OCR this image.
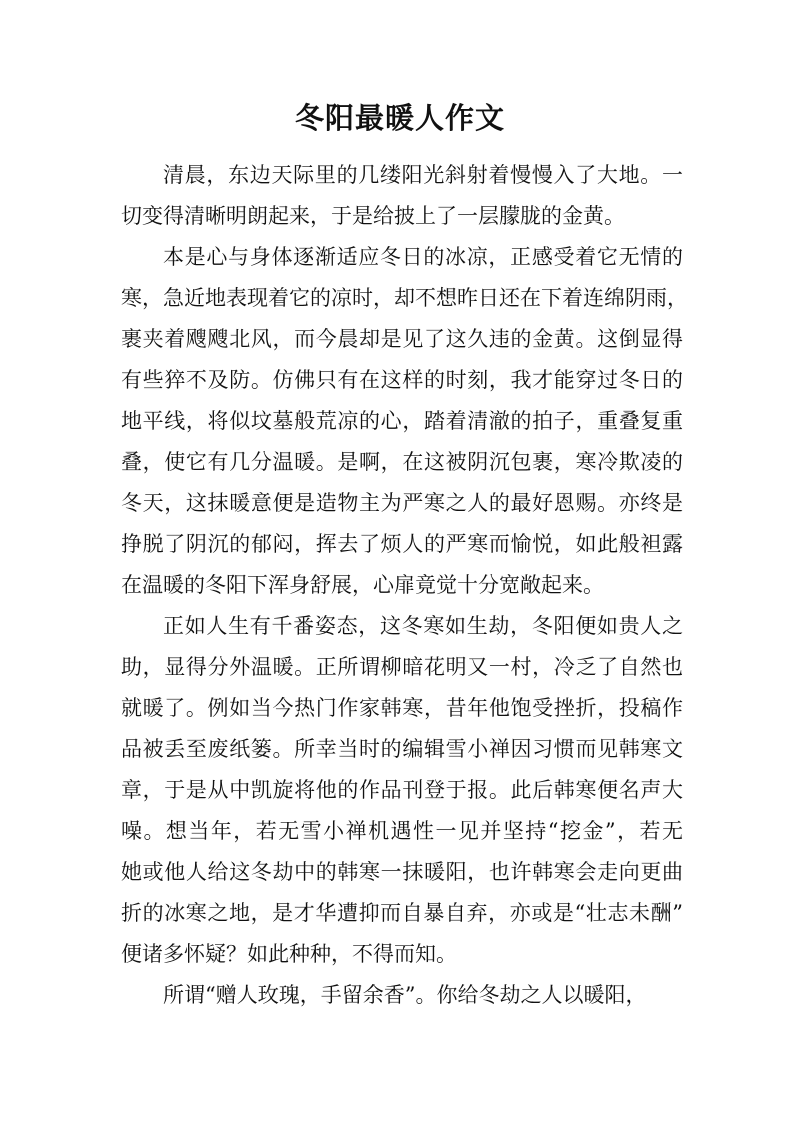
冬阳最暖人作文
清晨，东边天际里的几缕阳光斜射着慢慢入了大地。一
切变得清晰明朗起来，于是给披上了一层朦胧的金黄。
本是心与身体逐渐适应冬日的冰凉，正感受着它无情的
寒，急近地表现着它的凉时，却不想昨日还在下着连绵阴雨，
裹夹着飕飕北风，而今晨却是见了这久违的金黄。这倒显得
有些猝不及防。仿佛只有在这样的时刻，我才能穿过冬日的
地平线，将似坟墓般荒凉的心，踏着清澈的拍子，重叠复重
叠，使它有几分温暖。是啊，在这被阴沉包裹，寒冷欺凌的
冬天，这抹暖意便是造物主为严寒之人的最好恩赐。亦终是
挣脱了阴沉的郁闷，挥去了烦人的严寒而愉悦，如此般袒露
在温暖的冬阳下浑身舒展，心扉竟觉十分宽敞起来。
正如人生有千番姿态，这冬寒如生劫，冬阳便如贵人之
助，显得分外温暖。正所谓柳暗花明又一村，冷乏了自然也
就暖了。例如当今热门作家韩寒，昔年他饱受挫折，投稿作
品被丢至废纸篓。所幸当时的编辑雪小禅因习惯而见韩寒文
章，于是从中凯旋将他的作品刊登于报。此后韩寒便名声大
噪。想当年，若无雪小禅机遇性一见并坚持“挖金”，若无
她或他人给这冬劫中的韩寒一抹暖阳，也许韩寒会走向更曲
折的冰寒之地，是才华遭抑而自暴自弃，亦或是“壮志未酬”
便诸多怀疑？如此种种，不得而知。
所谓“赠人玫瑰，手留余香”。你给冬劫之人以暖阳，
